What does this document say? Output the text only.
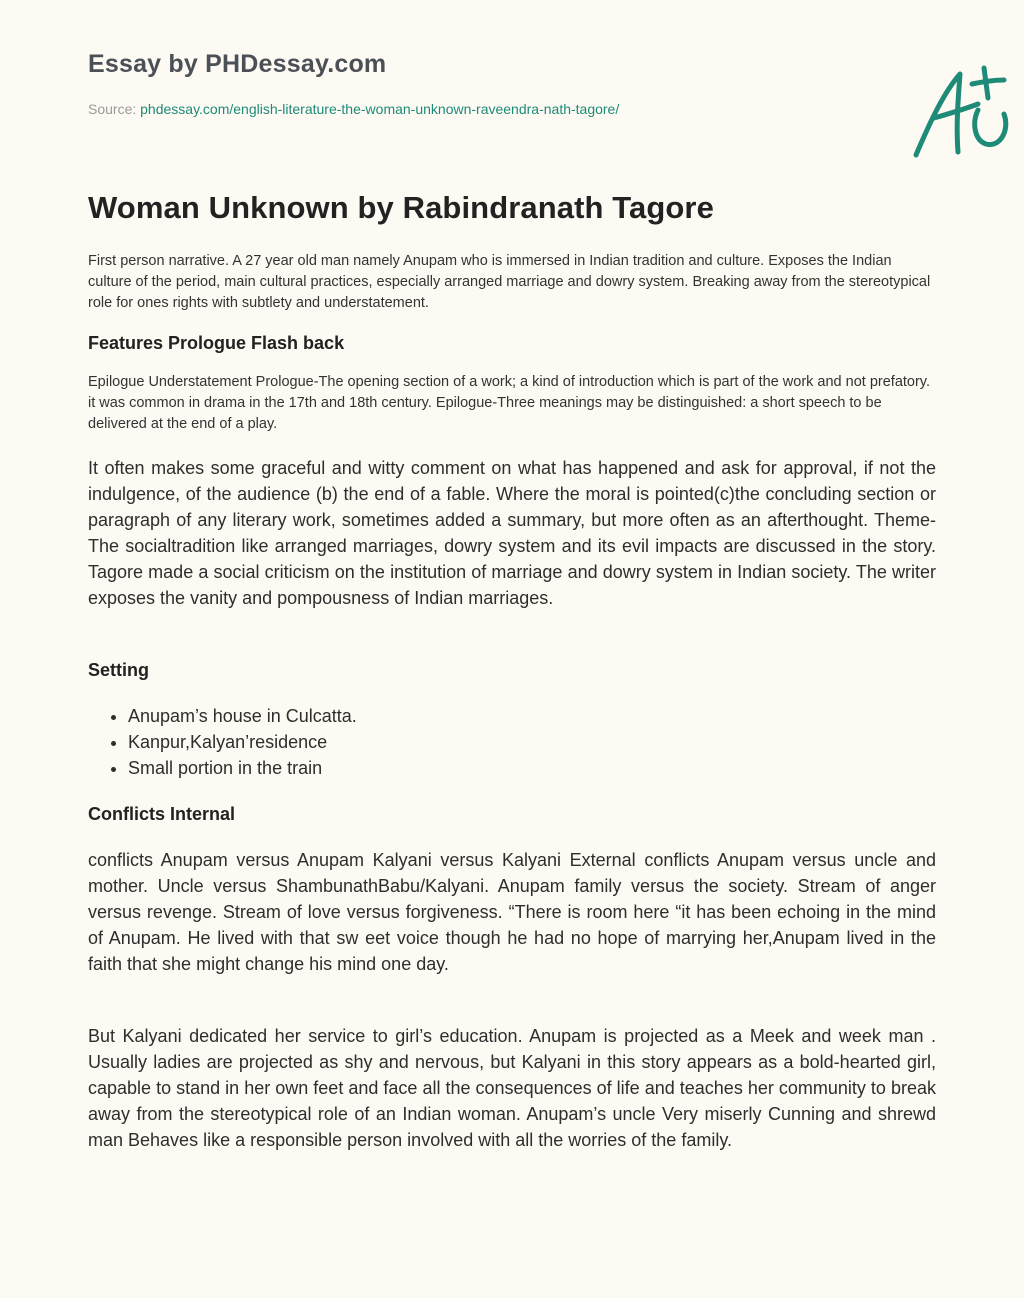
Essay by PHDessay.com
Source: phdessay.com/english-literature-the-woman-unknown-raveendra-nath-tagore/
Woman Unknown by Rabindranath Tagore

First person narrative. A 27 year old man namely Anupam who is immersed in Indian tradition and culture. Exposes the Indian culture of the period, main cultural practices, especially arranged marriage and dowry system. Breaking away from the stereotypical role for ones rights with subtlety and understatement.

Features Prologue Flash back

Epilogue Understatement Prologue-The opening section of a work; a kind of introduction which is part of the work and not prefatory. it was common in drama in the 17th and 18th century. Epilogue-Three meanings may be distinguished: a short speech to be delivered at the end of a play.

It often makes some graceful and witty comment on what has happened and ask for approval, if not the indulgence, of the audience (b) the end of a fable. Where the moral is pointed(c)the concluding section or paragraph of any literary work, sometimes added a summary, but more often as an afterthought. Theme-The socialtradition like arranged marriages, dowry system and its evil impacts are discussed in the story. Tagore made a social criticism on the institution of marriage and dowry system in Indian society. The writer exposes the vanity and pompousness of Indian marriages.

Setting
• Anupam’s house in Culcatta.
• Kanpur,Kalyan’residence
• Small portion in the train
Conflicts Internal

conflicts Anupam versus Anupam Kalyani versus Kalyani External conflicts Anupam versus uncle and mother. Uncle versus ShambunathBabu/Kalyani. Anupam family versus the society. Stream of anger versus revenge. Stream of love versus forgiveness. “There is room here “it has been echoing in the mind of Anupam. He lived with that sw eet voice though he had no hope of marrying her,Anupam lived in the faith that she might change his mind one day.

But Kalyani dedicated her service to girl’s education. Anupam is projected as a Meek and week man . Usually ladies are projected as shy and nervous, but Kalyani in this story appears as a bold-hearted girl, capable to stand in her own feet and face all the consequences of life and teaches her community to break away from the stereotypical role of an Indian woman. Anupam’s uncle Very miserly Cunning and shrewd man Behaves like a responsible person involved with all the worries of the family.
